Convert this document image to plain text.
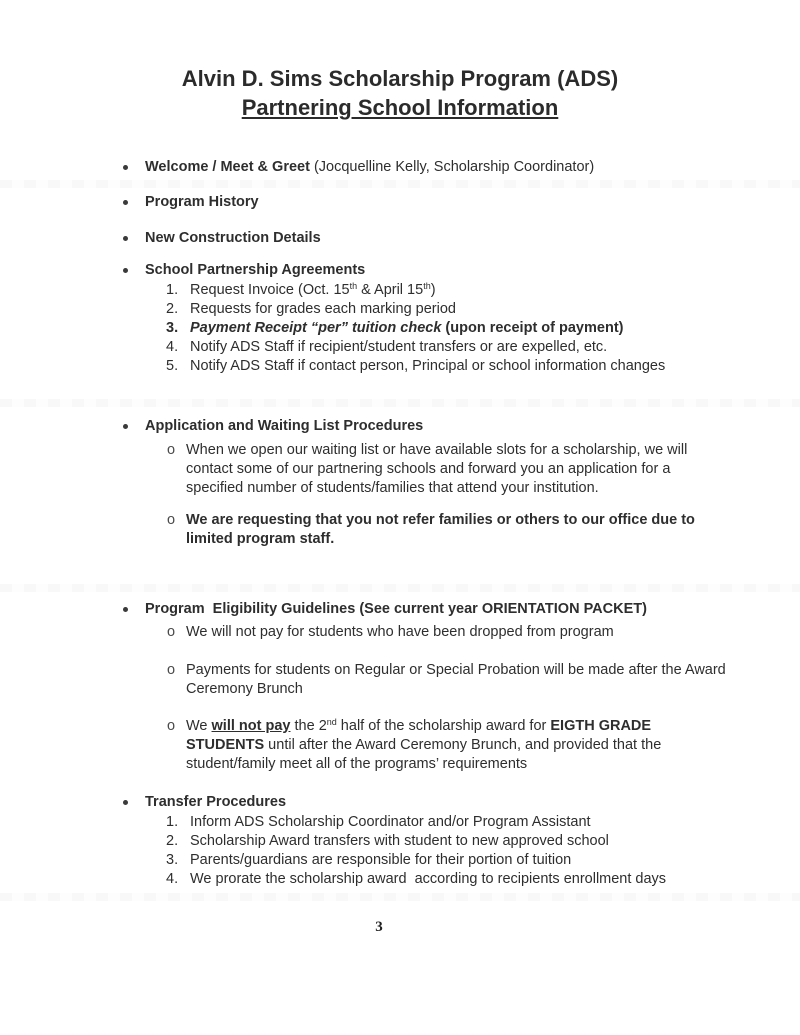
Alvin D. Sims Scholarship Program (ADS)
Partnering School Information
Welcome / Meet & Greet (Jocquelline Kelly, Scholarship Coordinator)
Program History
New Construction Details
School Partnership Agreements
1. Request Invoice (Oct. 15th & April 15th)
2. Requests for grades each marking period
3. Payment Receipt “per” tuition check (upon receipt of payment)
4. Notify ADS Staff if recipient/student transfers or are expelled, etc.
5. Notify ADS Staff if contact person, Principal or school information changes
Application and Waiting List Procedures
o When we open our waiting list or have available slots for a scholarship, we will contact some of our partnering schools and forward you an application for a specified number of students/families that attend your institution.
o We are requesting that you not refer families or others to our office due to limited program staff.
Program  Eligibility Guidelines (See current year ORIENTATION PACKET)
o We will not pay for students who have been dropped from program
o Payments for students on Regular or Special Probation will be made after the Award Ceremony Brunch
o We will not pay the 2nd half of the scholarship award for EIGTH GRADE STUDENTS until after the Award Ceremony Brunch, and provided that the student/family meet all of the programs’ requirements
Transfer Procedures
1. Inform ADS Scholarship Coordinator and/or Program Assistant
2. Scholarship Award transfers with student to new approved school
3. Parents/guardians are responsible for their portion of tuition
4. We prorate the scholarship award  according to recipients enrollment days
3
